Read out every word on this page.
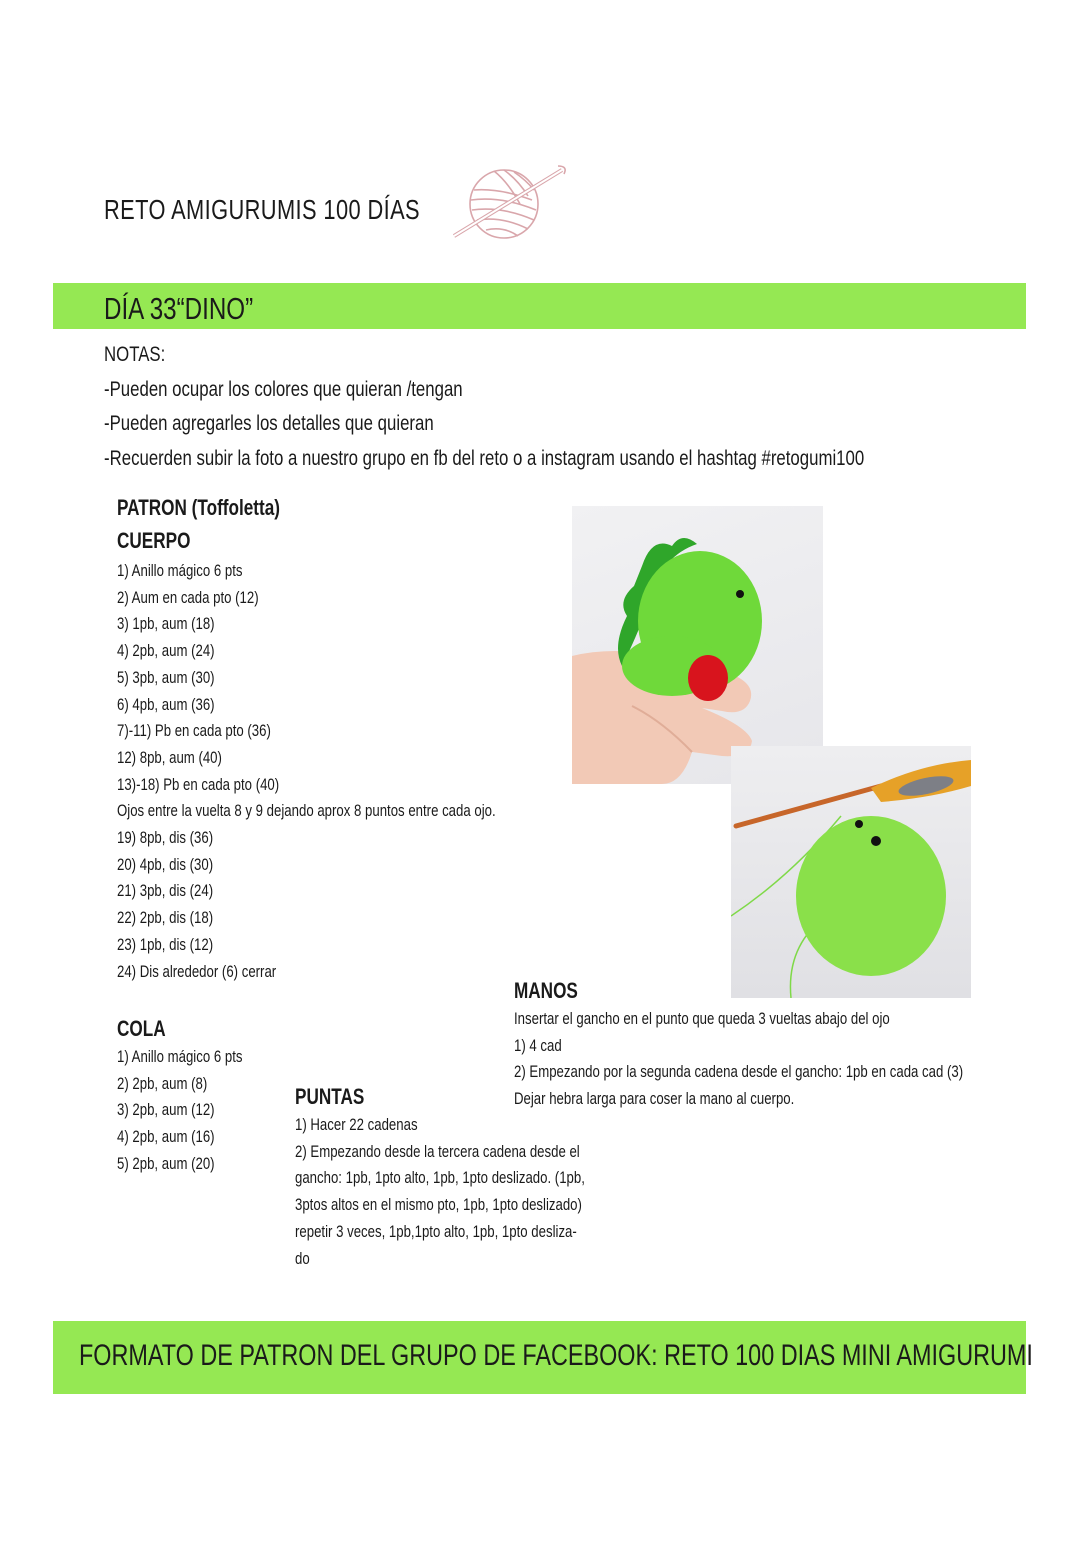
RETO AMIGURUMIS 100 DÍAS
DÍA 33“DINO”
NOTAS:
-Pueden ocupar los colores que quieran /tengan
-Pueden agregarles los detalles que quieran
-Recuerden subir la foto a nuestro grupo en fb del reto o a instagram usando el hashtag #retogumi100
PATRON (Toffoletta)
CUERPO
1) Anillo mágico 6 pts
2) Aum en cada pto (12)
3) 1pb, aum (18)
4) 2pb, aum (24)
5) 3pb, aum (30)
6) 4pb, aum (36)
7)-11) Pb en cada pto (36)
12) 8pb, aum (40)
13)-18) Pb en cada pto (40)
Ojos entre la vuelta 8 y 9 dejando aprox 8 puntos entre cada ojo.
19) 8pb, dis (36)
20) 4pb, dis (30)
21) 3pb, dis (24)
22) 2pb, dis (18)
23) 1pb, dis (12)
24) Dis alrededor (6) cerrar
COLA
1) Anillo mágico 6 pts
2) 2pb, aum (8)
3) 2pb, aum (12)
4) 2pb, aum (16)
5) 2pb, aum (20)
PUNTAS
1) Hacer 22 cadenas
2) Empezando desde la tercera cadena desde el
gancho: 1pb, 1pto alto, 1pb, 1pto deslizado. (1pb,
3ptos altos en el mismo pto, 1pb, 1pto deslizado)
repetir 3 veces, 1pb,1pto alto, 1pb, 1pto desliza-
do
MANOS
Insertar el gancho en el punto que queda 3 vueltas abajo del ojo
1) 4 cad
2) Empezando por la segunda cadena desde el gancho: 1pb en cada cad (3)
Dejar hebra larga para coser la mano al cuerpo.
FORMATO DE PATRON DEL GRUPO DE FACEBOOK: RETO 100 DIAS MINI AMIGURUMI
